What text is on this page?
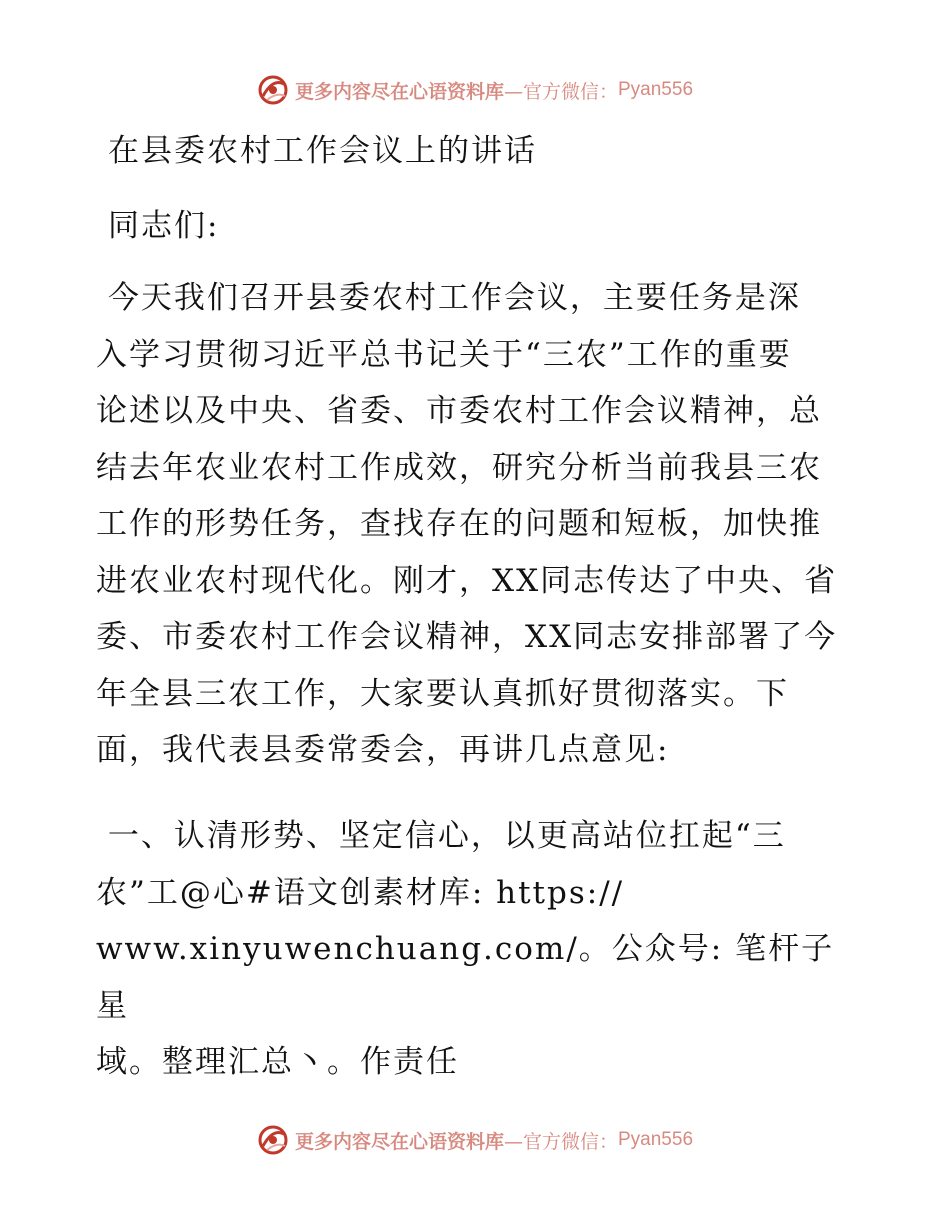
更多内容尽在心语资料库 —官方微信： Pyan556
在县委农村工作会议上的讲话

同志们:

今天我们召开县委农村工作会议，主要任务是深
入学习贯彻习近平总书记关于“三农”工作的重要
论述以及中央、省委、市委农村工作会议精神，总
结去年农业农村工作成效，研究分析当前我县三农
工作的形势任务，查找存在的问题和短板，加快推
进农业农村现代化。刚才，XX同志传达了中央、省
委、市委农村工作会议精神，XX同志安排部署了今
年全县三农工作，大家要认真抓好贯彻落实。下
面，我代表县委常委会，再讲几点意见:

一、认清形势、坚定信心，以更高站位扛起“三
农”工@心#语文创素材库: https://
www.xinyuwenchuang.com/。公众号: 笔杆子星
域。整理汇总丶。作责任

更多内容尽在心语资料库 —官方微信： Pyan556
